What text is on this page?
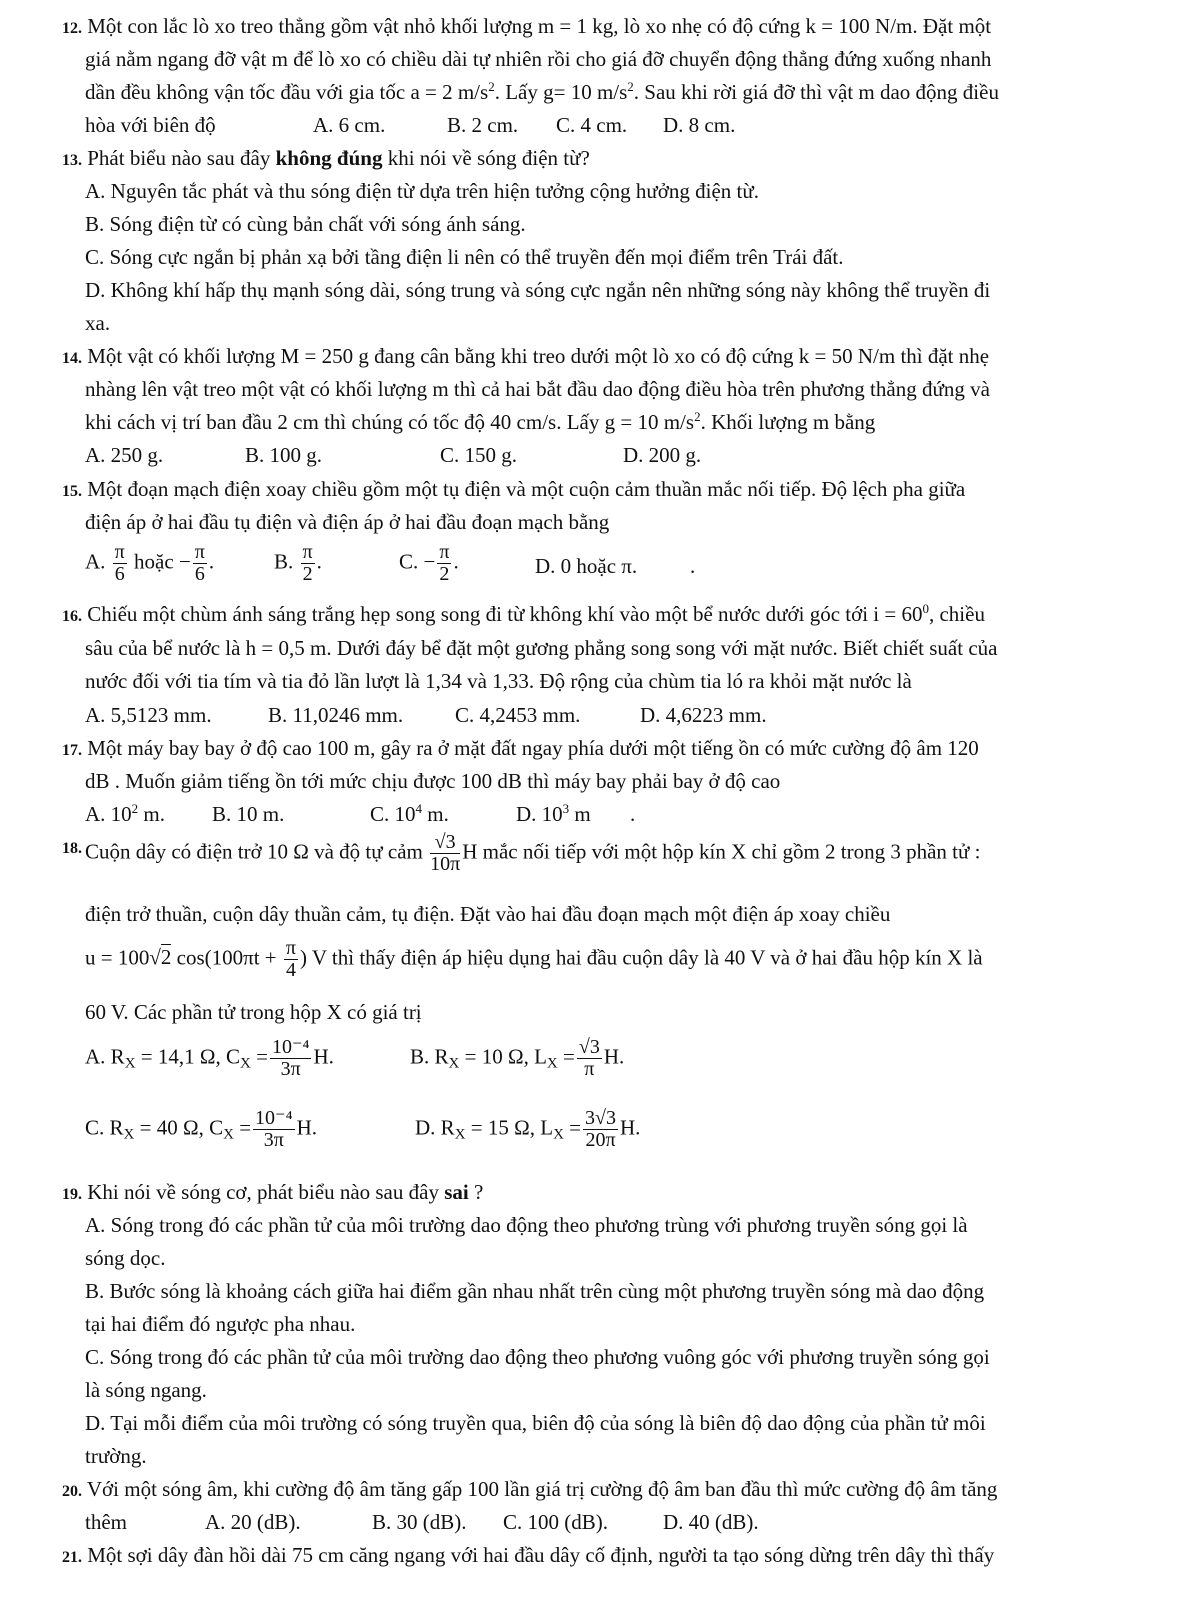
12. Một con lắc lò xo treo thẳng gồm vật nhỏ khối lượng m = 1 kg, lò xo nhẹ có độ cứng k = 100 N/m. Đặt một
giá nằm ngang đỡ vật m để lò xo có chiều dài tự nhiên rồi cho giá đỡ chuyển động thẳng đứng xuống nhanh
dần đều không vận tốc đầu với gia tốc a = 2 $m/s^2$. Lấy g= 10 $m/s^2$. Sau khi rời giá đỡ thì vật m dao động điều
hòa với biên độ	A. 6 cm.	B. 2 cm. C. 4 cm. D. 8 cm.
13. Phát biểu nào sau đây không đúng khi nói về sóng điện từ?
A. Nguyên tắc phát và thu sóng điện từ dựa trên hiện tưởng cộng hưởng điện từ.
B. Sóng điện từ có cùng bản chất với sóng ánh sáng.
C. Sóng cực ngắn bị phản xạ bởi tầng điện li nên có thể truyền đến mọi điểm trên Trái đất.
D. Không khí hấp thụ mạnh sóng dài, sóng trung và sóng cực ngắn nên những sóng này không thể truyền đi
xa.
14. Một vật có khối lượng M = 250 g đang cân bằng khi treo dưới một lò xo có độ cứng k = 50 N/m thì đặt nhẹ
nhàng lên vật treo một vật có khối lượng m thì cả hai bắt đầu dao động điều hòa trên phương thẳng đứng và
khi cách vị trí ban đầu 2 cm thì chúng có tốc độ 40 cm/s. Lấy g = 10 $m/s^2$. Khối lượng m bằng
A. 250 g.	B. 100 g.	C. 150 g.	D. 200 g.
15. Một đoạn mạch điện xoay chiều gồm một tụ điện và một cuộn cảm thuần mắc nối tiếp. Độ lệch pha giữa
điện áp ở hai đầu tụ điện và điện áp ở hai đầu đoạn mạch bằng
A. $\frac{\pi}{6}$ hoặc − $\frac{\pi}{6}$ .	B. $\frac{\pi}{2}$ .	C. − $\frac{\pi}{2}$ .	D. 0 hoặc π.	.
16. Chiếu một chùm ánh sáng trắng hẹp song song đi từ không khí vào một bể nước dưới góc tới $i = 60^0$, chiều
sâu của bể nước là h = 0,5 m. Dưới đáy bể đặt một gương phẳng song song với mặt nước. Biết chiết suất của
nước đối với tia tím và tia đỏ lần lượt là 1,34 và 1,33. Độ rộng của chùm tia ló ra khỏi mặt nước là
A. 5,5123 mm.	B. 11,0246 mm. C. 4,2453 mm.	D. 4,6223 mm.
17. Một máy bay bay ở độ cao 100 m, gây ra ở mặt đất ngay phía dưới một tiếng ồn có mức cường độ âm 120
dB . Muốn giảm tiếng ồn tới mức chịu được 100 dB thì máy bay phải bay ở độ cao
A. $10^2$ m. B. 10 m.	C. $10^4$ m.	D. $10^3$ m .
18. Cuộn dây có điện trở 10 Ω và độ tự cảm $\frac{√3}{10\pi}$ H mắc nối tiếp với một hộp kín X chỉ gồm 2 trong 3 phần tử :
điện trở thuần, cuộn dây thuần cảm, tụ điện. Đặt vào hai đầu đoạn mạch một điện áp xoay chiều
u = 100√2 $\cos(100\pi t + \frac{\pi}{4}$ ) V thì thấy điện áp hiệu dụng hai đầu cuộn dây là 40 V và ở hai đầu hộp kín X là
60 V. Các phần tử trong hộp X có giá trị
A. $R_X = 14,1$ Ω, $C_X = \frac{\text{10⁻⁴}}{3\pi} H$.	B. $R_X = 10$ Ω, $L_X = \frac{√3}{\pi} H$.
C. $R_X = 40$ Ω, $C_X = \frac{\text{10⁻⁴}}{3\pi} H$.	D. $R_X = 15$ Ω, $L_X = \frac{3√3}{20\pi} H$.
19. Khi nói về sóng cơ, phát biểu nào sau đây sai ?
A. Sóng trong đó các phần tử của môi trường dao động theo phương trùng với phương truyền sóng gọi là
sóng dọc.
B. Bước sóng là khoảng cách giữa hai điểm gần nhau nhất trên cùng một phương truyền sóng mà dao động
tại hai điểm đó ngược pha nhau.
C. Sóng trong đó các phần tử của môi trường dao động theo phương vuông góc với phương truyền sóng gọi
là sóng ngang.
D. Tại mỗi điểm của môi trường có sóng truyền qua, biên độ của sóng là biên độ dao động của phần tử môi
trường.
20. Với một sóng âm, khi cường độ âm tăng gấp 100 lần giá trị cường độ âm ban đầu thì mức cường độ âm tăng
thêm	A. 20 (dB).	B. 30 (dB). C. 100 (dB).	D. 40 (dB).
21. Một sợi dây đàn hồi dài 75 cm căng ngang với hai đầu dây cố định, người ta tạo sóng dừng trên dây thì thấy
